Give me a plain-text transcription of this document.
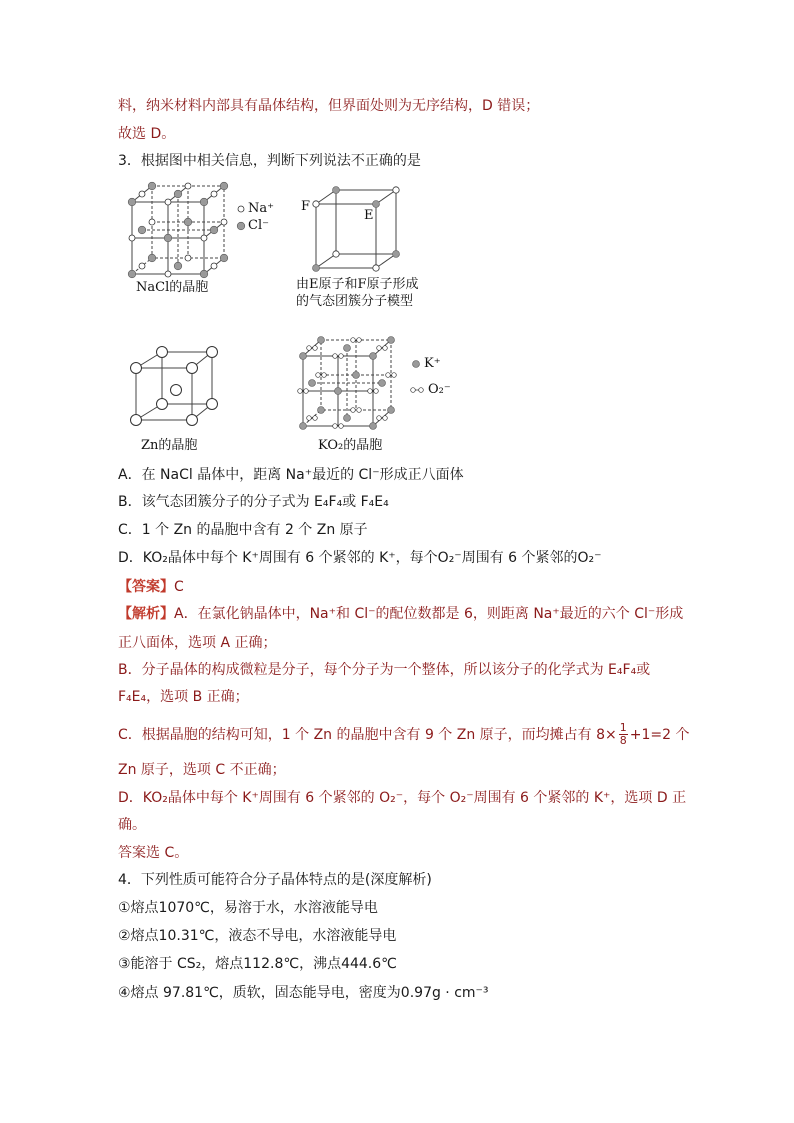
料，纳米材料内部具有晶体结构，但界面处则为无序结构，D 错误；
故选 D。
3．根据图中相关信息，判断下列说法不正确的是
Na⁺
Cl⁻
NaCl的晶胞
F
E
由E原子和F原子形成
的气态团簇分子模型
Zn的晶胞
K⁺
O₂⁻
KO₂的晶胞
A．在 NaCl 晶体中，距离 Na⁺最近的 Cl⁻形成正八面体
B．该气态团簇分子的分子式为 E₄F₄或 F₄E₄
C．1 个 Zn 的晶胞中含有 2 个 Zn 原子
D．KO₂晶体中每个 K⁺周围有 6 个紧邻的 K⁺，每个O₂⁻周围有 6 个紧邻的O₂⁻
【答案】C
【解析】A．在氯化钠晶体中，Na⁺和 Cl⁻的配位数都是 6，则距离 Na⁺最近的六个 Cl⁻形成
正八面体，选项 A 正确；
B．分子晶体的构成微粒是分子，每个分子为一个整体，所以该分子的化学式为 E₄F₄或
F₄E₄，选项 B 正确；
C．根据晶胞的结构可知，1 个 Zn 的晶胞中含有 9 个 Zn 原子，而均摊占有 $8\times \frac{1}{8} +1=2$ 个
Zn 原子，选项 C 不正确；
D．KO₂晶体中每个 K⁺周围有 6 个紧邻的 O₂⁻，每个 O₂⁻周围有 6 个紧邻的 K⁺，选项 D 正
确。
答案选 C。
4．下列性质可能符合分子晶体特点的是(深度解析)
①熔点1070℃，易溶于水，水溶液能导电
②熔点10.31℃，液态不导电，水溶液能导电
③能溶于 CS₂，熔点112.8℃，沸点444.6℃
④熔点 97.81℃，质软，固态能导电，密度为0.97g · cm⁻³
